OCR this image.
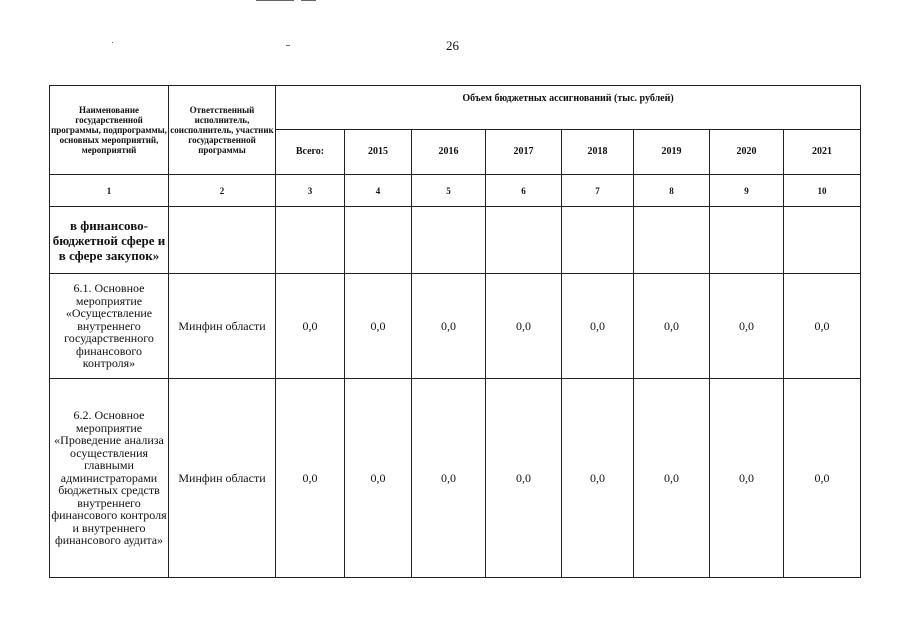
26
Наименование государственной программы, подпрограммы, основных мероприятий, мероприятий	Ответственный исполнитель, соисполнитель, участник государственной программы	Объем бюджетных ассигнований (тыс. рублей)							
		Всего:	2015	2016	2017	2018	2019	2020	2021
1	2	3	4	5	6	7	8	9	10
в финансово-бюджетной сфере и в сфере закупок»									
6.1. Основное мероприятие «Осуществление внутреннего государственного финансового контроля»	Минфин области	0,0	0,0	0,0	0,0	0,0	0,0	0,0	0,0
6.2. Основное мероприятие «Проведение анализа осуществления главными администраторами бюджетных средств внутреннего финансового контроля и внутреннего финансового аудита»	Минфин области	0,0	0,0	0,0	0,0	0,0	0,0	0,0	0,0
